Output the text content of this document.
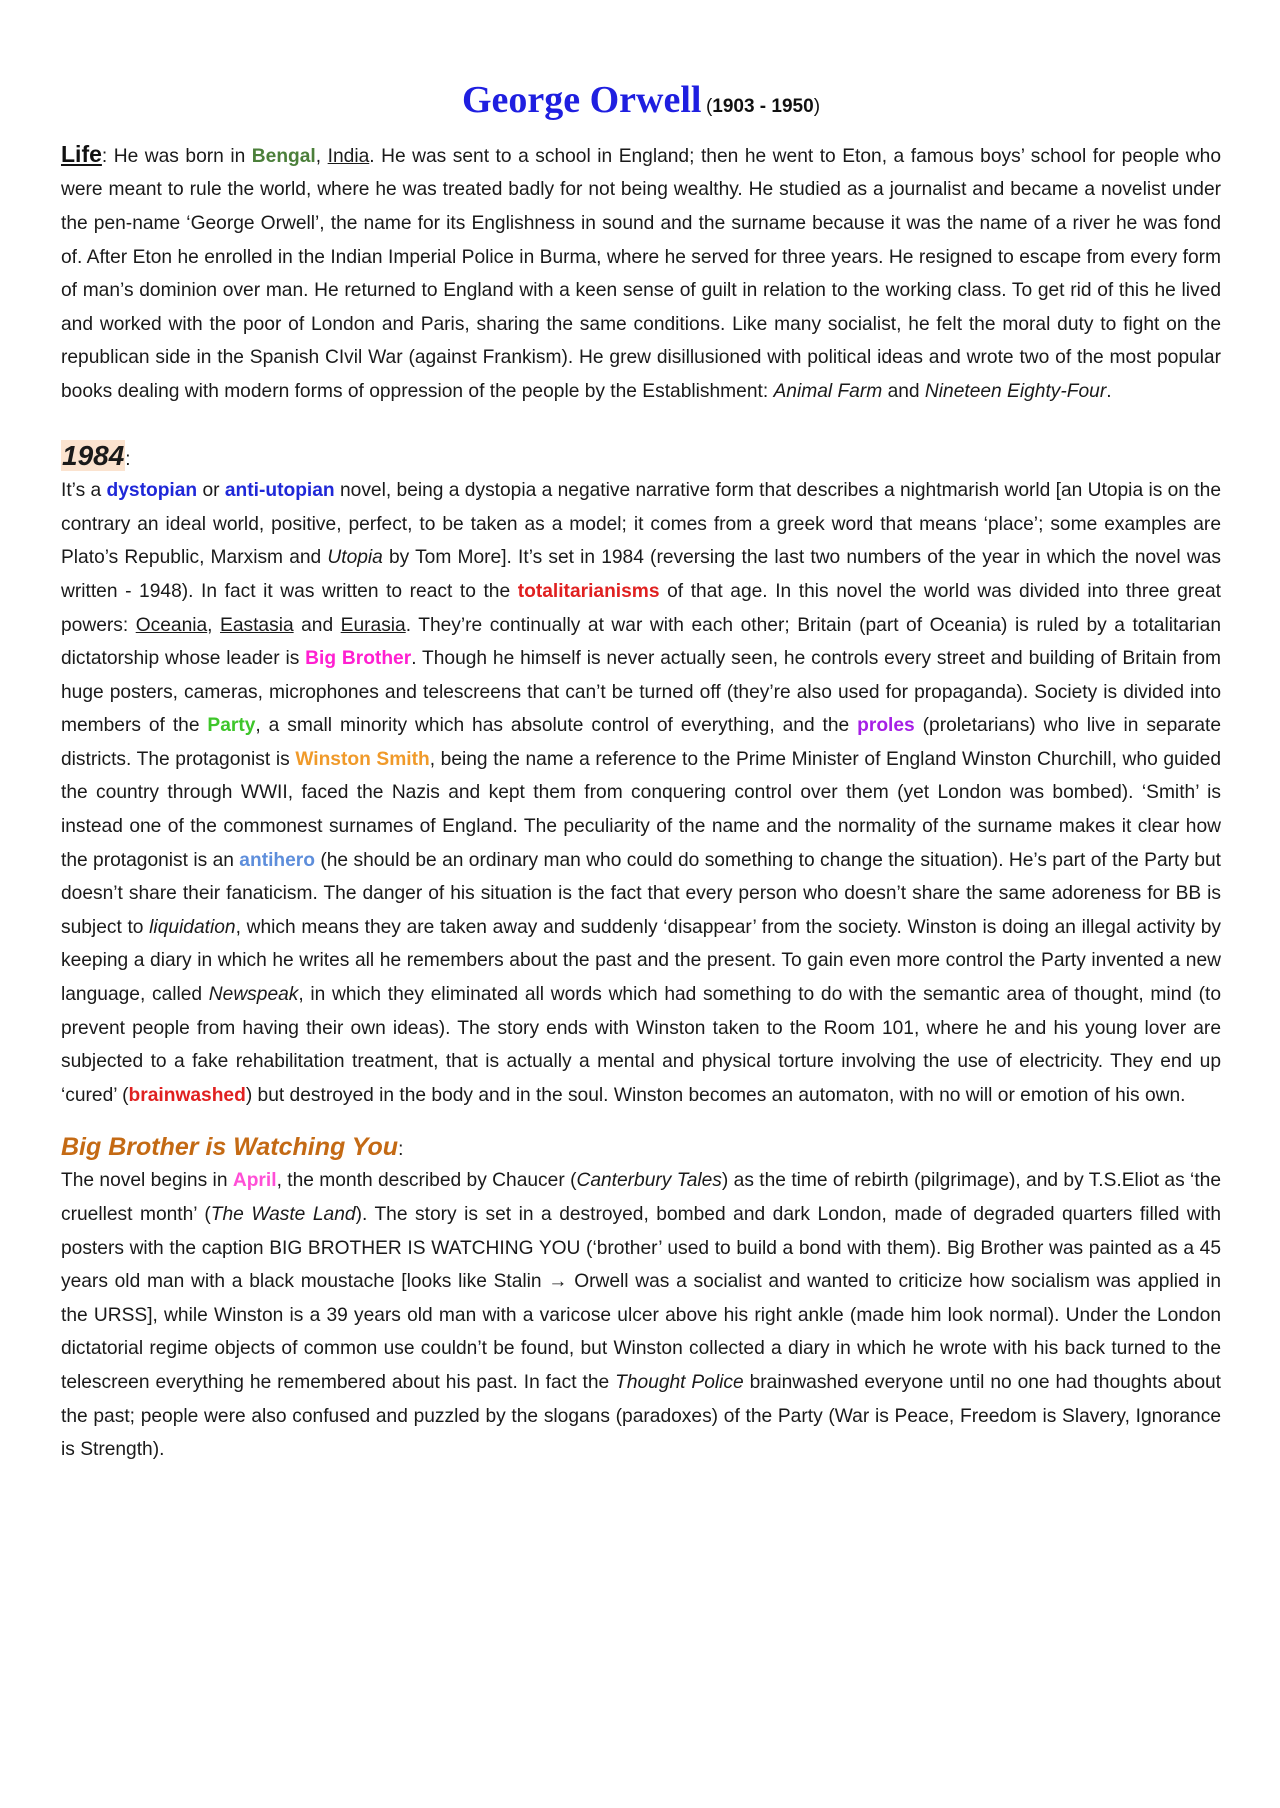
George Orwell (1903 - 1950)

Life: He was born in Bengal, India. He was sent to a school in England; then he went to Eton, a famous boys’ school for people who were meant to rule the world, where he was treated badly for not being wealthy. He studied as a journalist and became a novelist under the pen-name ‘George Orwell’, the name for its Englishness in sound and the surname because it was the name of a river he was fond of. After Eton he enrolled in the Indian Imperial Police in Burma, where he served for three years. He resigned to escape from every form of man’s dominion over man. He returned to England with a keen sense of guilt in relation to the working class. To get rid of this he lived and worked with the poor of London and Paris, sharing the same conditions. Like many socialist, he felt the moral duty to fight on the republican side in the Spanish CIvil War (against Frankism). He grew disillusioned with political ideas and wrote two of the most popular books dealing with modern forms of oppression of the people by the Establishment: Animal Farm and Nineteen Eighty-Four.

1984:

It’s a dystopian or anti-utopian novel, being a dystopia a negative narrative form that describes a nightmarish world [an Utopia is on the contrary an ideal world, positive, perfect, to be taken as a model; it comes from a greek word that means ‘place’; some examples are Plato’s Republic, Marxism and Utopia by Tom More]. It’s set in 1984 (reversing the last two numbers of the year in which the novel was written - 1948). In fact it was written to react to the totalitarianisms of that age. In this novel the world was divided into three great powers: Oceania, Eastasia and Eurasia. They’re continually at war with each other; Britain (part of Oceania) is ruled by a totalitarian dictatorship whose leader is Big Brother. Though he himself is never actually seen, he controls every street and building of Britain from huge posters, cameras, microphones and telescreens that can’t be turned off (they’re also used for propaganda). Society is divided into members of the Party, a small minority which has absolute control of everything, and the proles (proletarians) who live in separate districts. The protagonist is Winston Smith, being the name a reference to the Prime Minister of England Winston Churchill, who guided the country through WWII, faced the Nazis and kept them from conquering control over them (yet London was bombed). ‘Smith’ is instead one of the commonest surnames of England. The peculiarity of the name and the normality of the surname makes it clear how the protagonist is an antihero (he should be an ordinary man who could do something to change the situation). He’s part of the Party but doesn’t share their fanaticism. The danger of his situation is the fact that every person who doesn’t share the same adoreness for BB is subject to liquidation, which means they are taken away and suddenly ‘disappear’ from the society. Winston is doing an illegal activity by keeping a diary in which he writes all he remembers about the past and the present. To gain even more control the Party invented a new language, called Newspeak, in which they eliminated all words which had something to do with the semantic area of thought, mind (to prevent people from having their own ideas). The story ends with Winston taken to the Room 101, where he and his young lover are subjected to a fake rehabilitation treatment, that is actually a mental and physical torture involving the use of electricity. They end up ‘cured’ (brainwashed) but destroyed in the body and in the soul. Winston becomes an automaton, with no will or emotion of his own.

Big Brother is Watching You:

The novel begins in April, the month described by Chaucer (Canterbury Tales) as the time of rebirth (pilgrimage), and by T.S.Eliot as ‘the cruellest month’ (The Waste Land). The story is set in a destroyed, bombed and dark London, made of degraded quarters filled with posters with the caption BIG BROTHER IS WATCHING YOU (‘brother’ used to build a bond with them). Big Brother was painted as a 45 years old man with a black moustache [looks like Stalin → Orwell was a socialist and wanted to criticize how socialism was applied in the URSS], while Winston is a 39 years old man with a varicose ulcer above his right ankle (made him look normal). Under the London dictatorial regime objects of common use couldn’t be found, but Winston collected a diary in which he wrote with his back turned to the telescreen everything he remembered about his past. In fact the Thought Police brainwashed everyone until no one had thoughts about the past; people were also confused and puzzled by the slogans (paradoxes) of the Party (War is Peace, Freedom is Slavery, Ignorance is Strength).
